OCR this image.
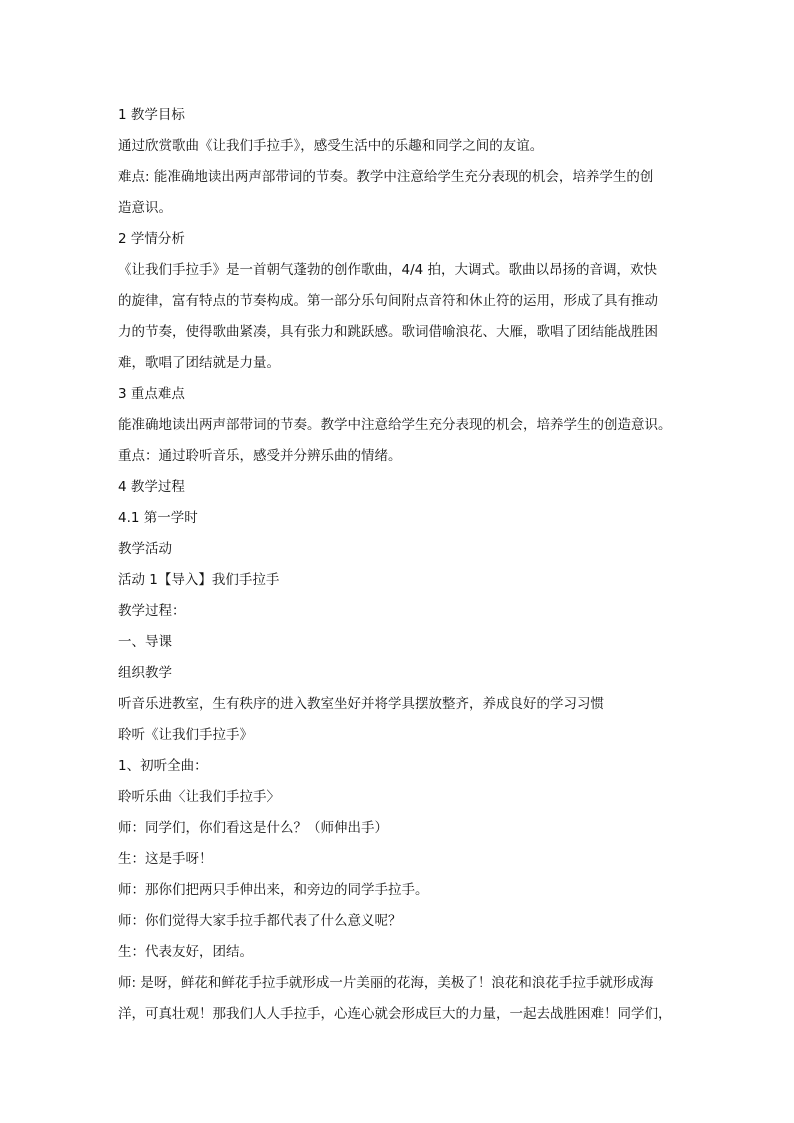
1 教学目标
通过欣赏歌曲《让我们手拉手》，感受生活中的乐趣和同学之间的友谊。
难点: 能准确地读出两声部带词的节奏。教学中注意给学生充分表现的机会，培养学生的创
造意识。
2 学情分析
《让我们手拉手》是一首朝气蓬勃的创作歌曲，4/4 拍，大调式。歌曲以昂扬的音调，欢快
的旋律，富有特点的节奏构成。第一部分乐句间附点音符和休止符的运用，形成了具有推动
力的节奏，使得歌曲紧凑，具有张力和跳跃感。歌词借喻浪花、大雁，歌唱了团结能战胜困
难，歌唱了团结就是力量。
3 重点难点
能准确地读出两声部带词的节奏。教学中注意给学生充分表现的机会，培养学生的创造意识。
重点：通过聆听音乐，感受并分辨乐曲的情绪。
4 教学过程
4.1 第一学时
教学活动
活动 1【导入】我们手拉手
教学过程：
一、导课
组织教学
听音乐进教室，生有秩序的进入教室坐好并将学具摆放整齐，养成良好的学习习惯
聆听《让我们手拉手》
1、初听全曲：
聆听乐曲〈让我们手拉手〉
师：同学们，你们看这是什么？（师伸出手）
生：这是手呀！
师：那你们把两只手伸出来，和旁边的同学手拉手。
师：你们觉得大家手拉手都代表了什么意义呢？
生：代表友好，团结。
师: 是呀，鲜花和鲜花手拉手就形成一片美丽的花海，美极了！浪花和浪花手拉手就形成海
洋，可真壮观！那我们人人手拉手，心连心就会形成巨大的力量，一起去战胜困难！同学们，
